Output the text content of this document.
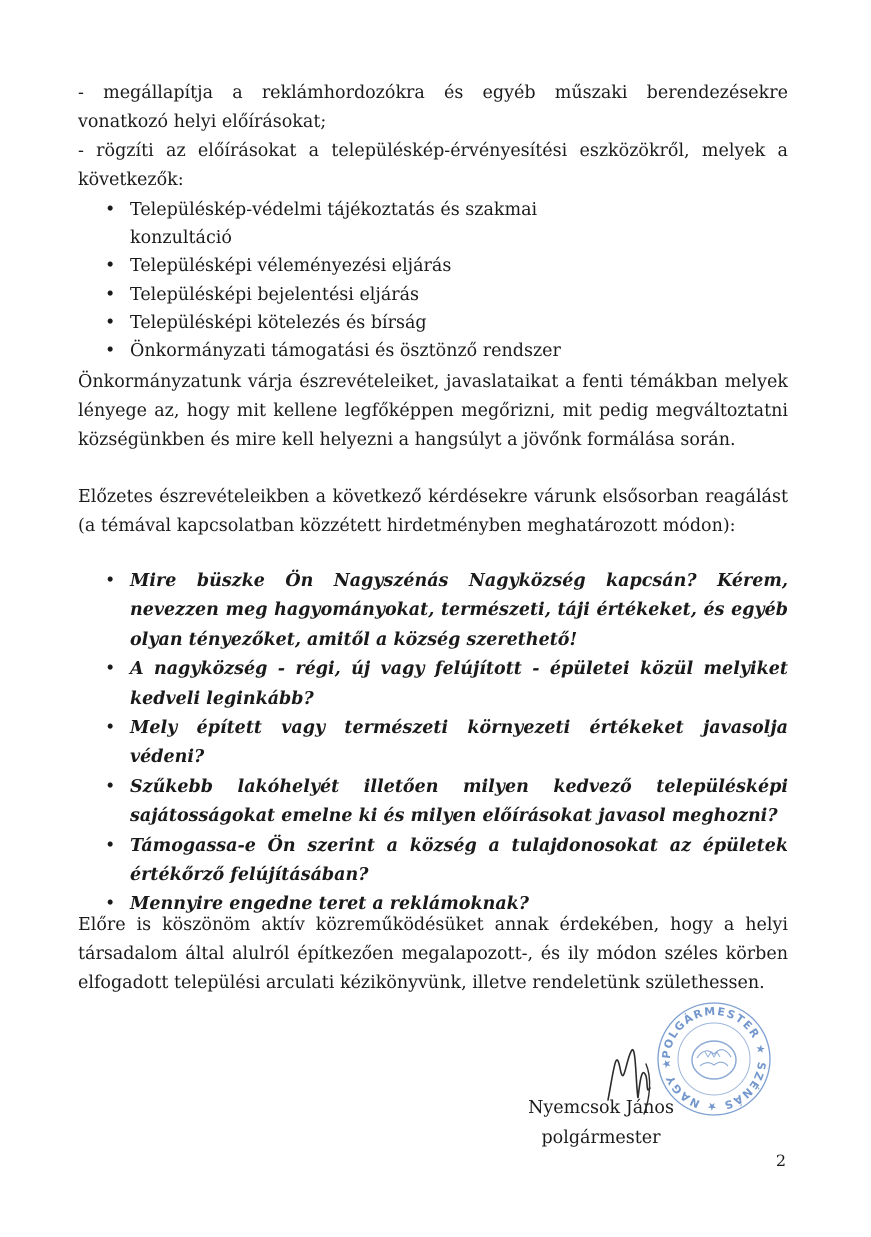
- megállapítja a reklámhordozókra és egyéb műszaki berendezésekre vonatkozó helyi előírásokat;

- rögzíti az előírásokat a településkép-érvényesítési eszközökről, melyek a következők:

• Településkép-védelmi tájékoztatás és szakmai konzultáció
• Településképi véleményezési eljárás
• Településképi bejelentési eljárás
• Településképi kötelezés és bírság
• Önkormányzati támogatási és ösztönző rendszer

Önkormányzatunk várja észrevételeiket, javaslataikat a fenti témákban melyek lényege az, hogy mit kellene legfőképpen megőrizni, mit pedig megváltoztatni községünkben és mire kell helyezni a hangsúlyt a jövőnk formálása során.

Előzetes észrevételeikben a következő kérdésekre várunk elsősorban reagálást (a témával kapcsolatban közzétett hirdetményben meghatározott módon):

• Mire büszke Ön Nagyszénás Nagyközség kapcsán? Kérem, nevezzen meg hagyományokat, természeti, táji értékeket, és egyéb olyan tényezőket, amitől a község szerethető!
• A nagyközség - régi, új vagy felújított - épületei közül melyiket kedveli leginkább?
• Mely épített vagy természeti környezeti értékeket javasolja védeni?
• Szűkebb lakóhelyét illetően milyen kedvező településképi sajátosságokat emelne ki és milyen előírásokat javasol meghozni?
• Támogassa-e Ön szerint a község a tulajdonosokat az épületek értékőrző felújításában?
• Mennyire engedne teret a reklámoknak?

Előre is köszönöm aktív közreműködésüket annak érdekében, hogy a helyi társadalom által alulról építkezően megalapozott-, és ily módon széles körben elfogadott települési arculati kézikönyvünk, illetve rendeletünk születhessen.

POLGÁRMESTER ★ SZÉNÁS ★ NAGY ★
Nyemcsok János
polgármester
2
